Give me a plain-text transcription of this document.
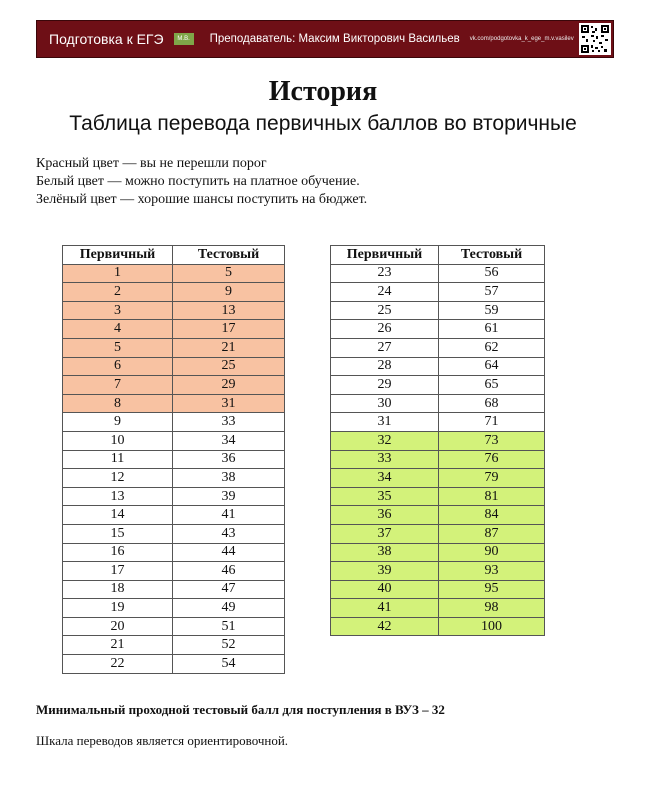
Подготовка к ЕГЭ	М.В.	Преподаватель: Максим Викторович Васильев vk.com/podgotovka_k_ege_m.v.vasilev
История
Таблица перевода первичных баллов во вторичные
Красный цвет — вы не перешли порог
Белый цвет — можно поступить на платное обучение.
Зелёный цвет — хорошие шансы поступить на бюджет.
Первичный	Тестовый
1	5
2	9
3	13
4	17
5	21
6	25
7	29
8	31
9	33
10	34
11	36
12	38
13	39
14	41
15	43
16	44
17	46
18	47
19	49
20	51
21	52
22	54
Первичный	Тестовый
23	56
24	57
25	59
26	61
27	62
28	64
29	65
30	68
31	71
32	73
33	76
34	79
35	81
36	84
37	87
38	90
39	93
40	95
41	98
42	100
Минимальный проходной тестовый балл для поступления в ВУЗ – 32
Шкала переводов является ориентировочной.
